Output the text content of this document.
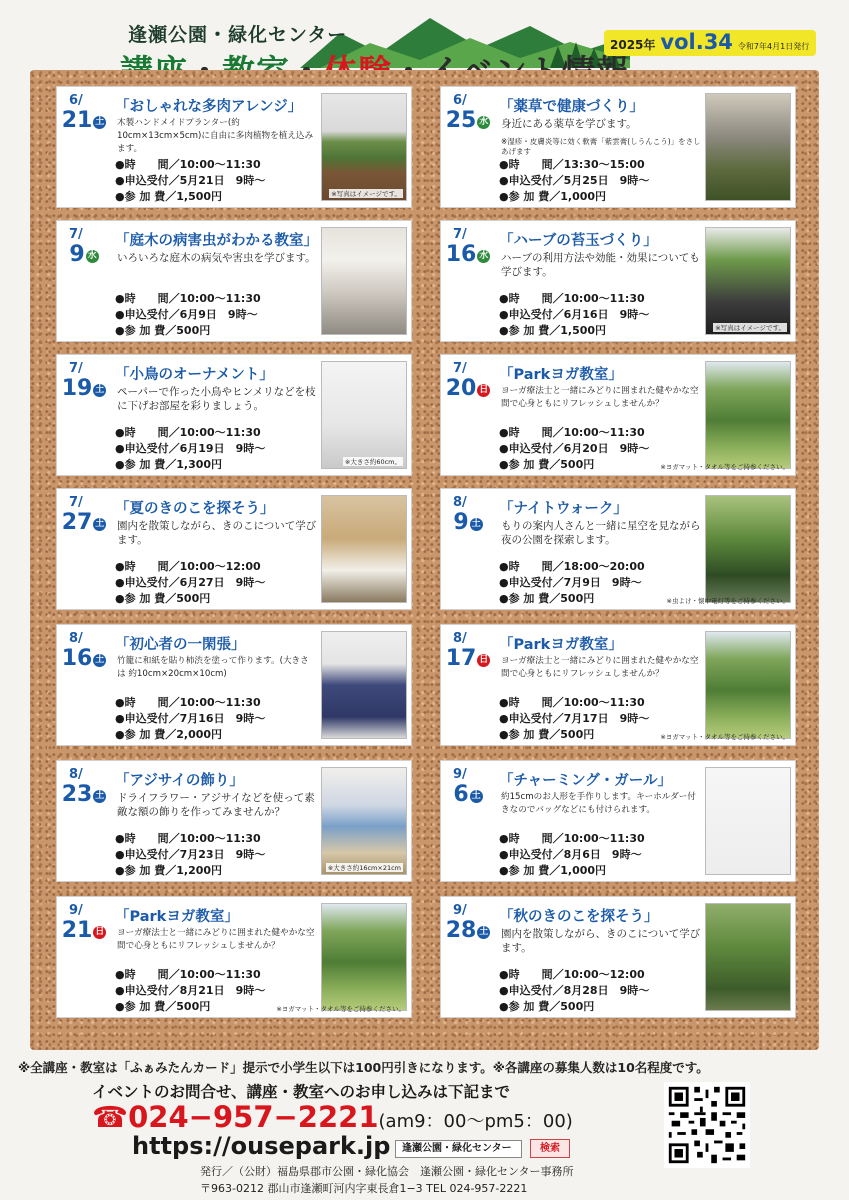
逢瀬公園・緑化センター	2025年 vol.34 令和7年4月1日発行
6/
21 土
「おしゃれな多肉アレンジ」
木製ハンドメイドプランター(約10cm×13cm×5cm)に自由に多肉植物を植え込みます。
●時　　間／10:00～11:30
●申込受付／5月21日　9時～
●参 加 費／1,500円	※写真はイメージです。
6/
25 水
「薬草で健康づくり」
身近にある薬草を学びます。
※湿疹・皮膚炎等に効く軟膏「紫雲膏(しうんこう)」をさしあげます
●時　　間／13:30～15:00
●申込受付／5月25日　9時～
●参 加 費／1,000円
7/
9 水
「庭木の病害虫がわかる教室」
いろいろな庭木の病気や害虫を学びます。
●時　　間／10:00～11:30
●申込受付／6月9日　9時～
●参 加 費／500円
7/
16 水
「ハーブの苔玉づくり」
ハーブの利用方法や効能・効果についても学びます。
●時　　間／10:00～11:30
●申込受付／6月16日　9時～
●参 加 費／1,500円	※写真はイメージです。
7/
19 土
「小鳥のオーナメント」
ペーパーで作った小鳥やヒンメリなどを枝に下げお部屋を彩りましょう。
●時　　間／10:00～11:30
●申込受付／6月19日　9時～
●参 加 費／1,300円	※大きさ約60cm。
7/
20 日
「Parkヨガ教室」
ヨーガ療法士と一緒にみどりに囲まれた健やかな空間で心身ともにリフレッシュしませんか？
●時　　間／10:00～11:30
●申込受付／6月20日　9時～
●参 加 費／500円	※ヨガマット・タオル等をご持参ください。
7/
27 土
「夏のきのこを探そう」
園内を散策しながら、きのこについて学びます。
●時　　間／10:00～12:00
●申込受付／6月27日　9時～
●参 加 費／500円
8/
9 土
「ナイトウォーク」
もりの案内人さんと一緒に星空を見ながら夜の公園を探索します。
●時　　間／18:00～20:00
●申込受付／7月9日　9時～
●参 加 費／500円	※虫よけ・懐中電灯等をご持参ください。
8/
16 土
「初心者の一閑張」
竹籠に和紙を貼り柿渋を塗って作ります。(大きさは 約10cm×20cm×10cm)
●時　　間／10:00～11:30
●申込受付／7月16日　9時～
●参 加 費／2,000円
8/
17 日
「Parkヨガ教室」
ヨーガ療法士と一緒にみどりに囲まれた健やかな空間で心身ともにリフレッシュしませんか？
●時　　間／10:00～11:30
●申込受付／7月17日　9時～
●参 加 費／500円	※ヨガマット・タオル等をご持参ください。
8/
23 土
「アジサイの飾り」
ドライフラワー・アジサイなどを使って素敵な額の飾りを作ってみませんか？
●時　　間／10:00～11:30
●申込受付／7月23日　9時～
●参 加 費／1,200円	※大きさ約16cm×21cm
9/
6 土
「チャーミング・ガール」
約15cmのお人形を手作りします。キーホルダー付きなのでバッグなどにも付けられます。
●時　　間／10:00～11:30
●申込受付／8月6日　9時～
●参 加 費／1,000円
9/
21 日
「Parkヨガ教室」
ヨーガ療法士と一緒にみどりに囲まれた健やかな空間で心身ともにリフレッシュしませんか？
●時　　間／10:00～11:30
●申込受付／8月21日　9時～
●参 加 費／500円	※ヨガマット・タオル等をご持参ください。
9/
28 土
「秋のきのこを探そう」
園内を散策しながら、きのこについて学びます。
●時　　間／10:00～12:00
●申込受付／8月28日　9時～
●参 加 費／500円
※全講座・教室は「ふぁみたんカード」提示で小学生以下は100円引きになります。※各講座の募集人数は10名程度です。
イベントのお問合せ、講座・教室へのお申し込みは下記まで
☎024−957−2221(am9：00〜pm5：00)
https://ousepark.jp	逢瀬公園・緑化センター	検索
発行／（公財）福島県郡市公園・緑化協会　逢瀬公園・緑化センター事務所
〒963-0212 郡山市逢瀬町河内字東長倉1−3 TEL 024-957-2221
